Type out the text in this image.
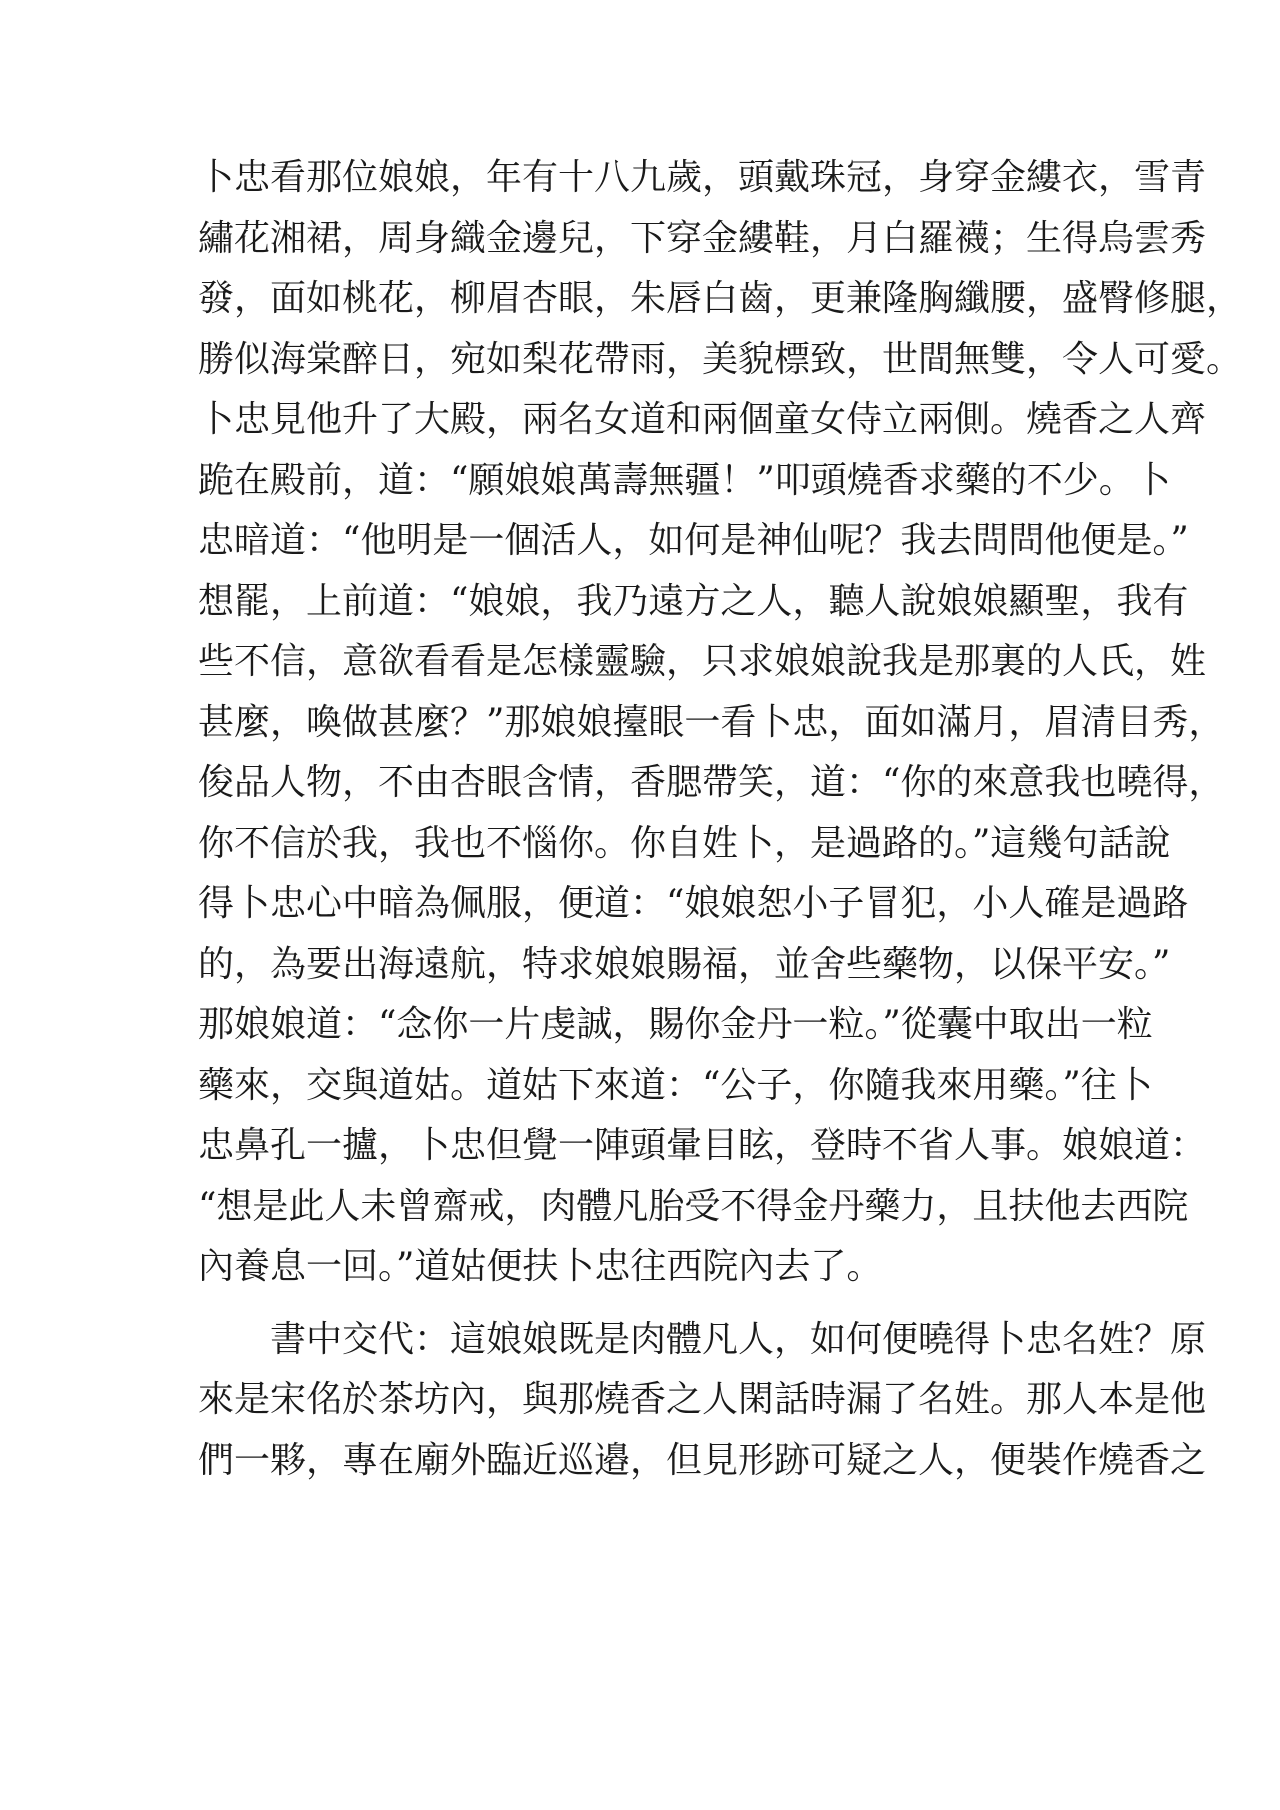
卜忠看那位娘娘，年有十八九歲，頭戴珠冠，身穿金縷衣，雪青
繡花湘裙，周身織金邊兒，下穿金縷鞋，月白羅襪；生得烏雲秀
發，面如桃花，柳眉杏眼，朱唇白齒，更兼隆胸纖腰，盛臀修腿，
勝似海棠醉日，宛如梨花帶雨，美貌標致，世間無雙，令人可愛。
卜忠見他升了大殿，兩名女道和兩個童女侍立兩側。燒香之人齊
跪在殿前，道：“願娘娘萬壽無疆！”叩頭燒香求藥的不少。卜
忠暗道：“他明是一個活人，如何是神仙呢？我去問問他便是。”
想罷，上前道：“娘娘，我乃遠方之人，聽人說娘娘顯聖，我有
些不信，意欲看看是怎樣靈驗，只求娘娘說我是那裏的人氏，姓
甚麼，喚做甚麼？”那娘娘擡眼一看卜忠，面如滿月，眉清目秀，
俊品人物，不由杏眼含情，香腮帶笑，道：“你的來意我也曉得，
你不信於我，我也不惱你。你自姓卜，是過路的。”這幾句話說
得卜忠心中暗為佩服，便道：“娘娘恕小子冒犯，小人確是過路
的，為要出海遠航，特求娘娘賜福，並舍些藥物，以保平安。”
那娘娘道：“念你一片虔誠，賜你金丹一粒。”從囊中取出一粒
藥來，交與道姑。道姑下來道：“公子，你隨我來用藥。”往卜
忠鼻孔一攎，卜忠但覺一陣頭暈目眩，登時不省人事。娘娘道：
“想是此人未曾齋戒，肉體凡胎受不得金丹藥力，且扶他去西院
內養息一回。”道姑便扶卜忠往西院內去了。
書中交代：這娘娘既是肉體凡人，如何便曉得卜忠名姓？原
來是宋佲於茶坊內，與那燒香之人閑話時漏了名姓。那人本是他
們一夥，專在廟外臨近巡邉，但見形跡可疑之人，便裝作燒香之
